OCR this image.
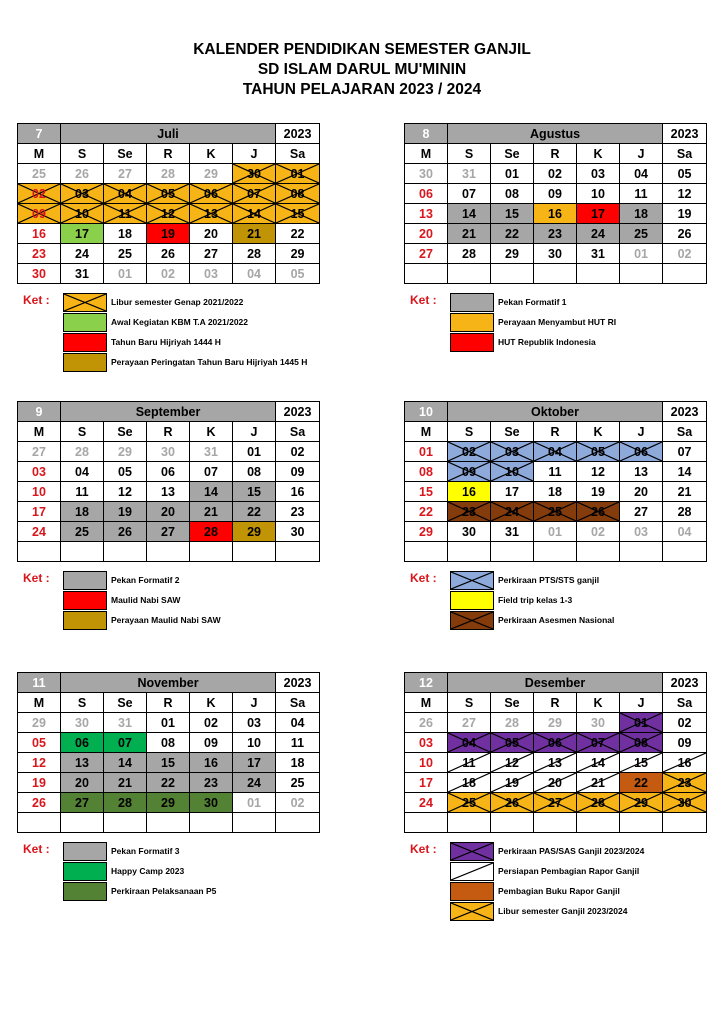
KALENDER PENDIDIKAN SEMESTER GANJIL
SD ISLAM DARUL MU'MININ
TAHUN PELAJARAN 2023 / 2024
7	Juli					2023
M	S	Se	R	K	J	Sa
25	26	27	28	29	30	01

02	03	04	05	06	07	08

09	10	11	12	13	14	15
16	17	18	19	20	21	22
23	24	25	26	27	28	29
30	31	01	02	03	04	05
Ket :	Libur semester Genap 2021/2022
Awal Kegiatan KBM T.A 2021/2022
Tahun Baru Hijriyah 1444 H
Perayaan Peringatan Tahun Baru Hijriyah 1445 H
8	Agustus					2023
M	S	Se	R	K	J	Sa
30	31	01	02	03	04	05
06	07	08	09	10	11	12
13	14	15	16	17	18	19
20	21	22	23	24	25	26
27	28	29	30	31	01	02

Ket :	Pekan Formatif 1
Perayaan Menyambut HUT RI
HUT Republik Indonesia
9	September					2023
M	S	Se	R	K	J	Sa
27	28	29	30	31	01	02
03	04	05	06	07	08	09
10	11	12	13	14	15	16
17	18	19	20	21	22	23
24	25	26	27	28	29	30

Ket :	Pekan Formatif 2
Maulid Nabi SAW
Perayaan Maulid Nabi SAW
10	Oktober					2023
M	S	Se	R	K	J	Sa
01	02	03	04	05	06	07
08	09	10	11	12	13	14
15	16	17	18	19	20	21
22	23	24	25	26	27	28
29	30	31	01	02	03	04

Ket :	Perkiraan PTS/STS ganjil
Field trip kelas 1-3
Perkiraan Asesmen Nasional
11	November					2023
M	S	Se	R	K	J	Sa
29	30	31	01	02	03	04
05	06	07	08	09	10	11
12	13	14	15	16	17	18
19	20	21	22	23	24	25
26	27	28	29	30	01	02

Ket :	Pekan Formatif 3
Happy Camp 2023
Perkiraan Pelaksanaan P5
12	Desember					2023
M	S	Se	R	K	J	Sa
26	27	28	29	30	01	02
03	04	05	06	07	08	09
10	11	12	13	14	15	16
17	18	19	20	21	22	23
24	25	26	27	28	29	30

Ket :	Perkiraan PAS/SAS Ganjil 2023/2024
Persiapan Pembagian Rapor Ganjil
Pembagian Buku Rapor Ganjil
Libur semester Ganjil 2023/2024
